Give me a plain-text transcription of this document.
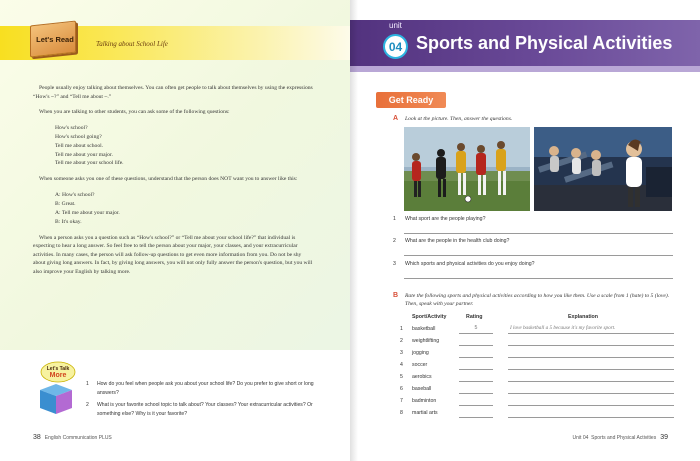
Let's Read	Talking about School Life

People usually enjoy talking about themselves. You can often get people to talk about themselves by using the expressions “How's ~?” and “Tell me about ~.”

When you are talking to other students, you can ask some of the following questions:

How's school?
How's school going?
Tell me about school.
Tell me about your major.
Tell me about your school life.

When someone asks you one of these questions, understand that the person does NOT want you to answer like this:

A: How's school?
B: Great.
A: Tell me about your major.
B: It's okay.

When a person asks you a question such as “How's school?” or “Tell me about your school life?” that individual is expecting to hear a long answer. So feel free to tell the person about your major, your classes, and your extracurricular activities. In many cases, the person will ask follow-up questions to get even more information from you. Do not be shy about giving long answers. In fact, by giving long answers, you will not only fully answer the person's question, but you will also improve your English by talking more.

Let's Talk
More
1	How do you feel when people ask you about your school life? Do you prefer to give short or long answers?
2	What is your favorite school topic to talk about? Your classes? Your extracurricular activities? Or something else? Why is it your favorite?
38 English Communication PLUS
unit
04 Sports and Physical Activities
Get Ready
A Look at the picture. Then, answer the questions.
1 What sport are the people playing?
2 What are the people in the health club doing?
3 Which sports and physical activities do you enjoy doing?
B Rate the following sports and physical activities according to how you like them. Use a scale from 1 (hate) to 5 (love). Then, speak with your partner.
Sport/Activity	Rating	Explanation
1	basketball	5	I love basketball a 5 because it's my favorite sport.
2	weightlifting
3	jogging
4	soccer
5	aerobics
6	baseball
7	badminton
8	martial arts
Unit 04 Sports and Physical Activities 39
